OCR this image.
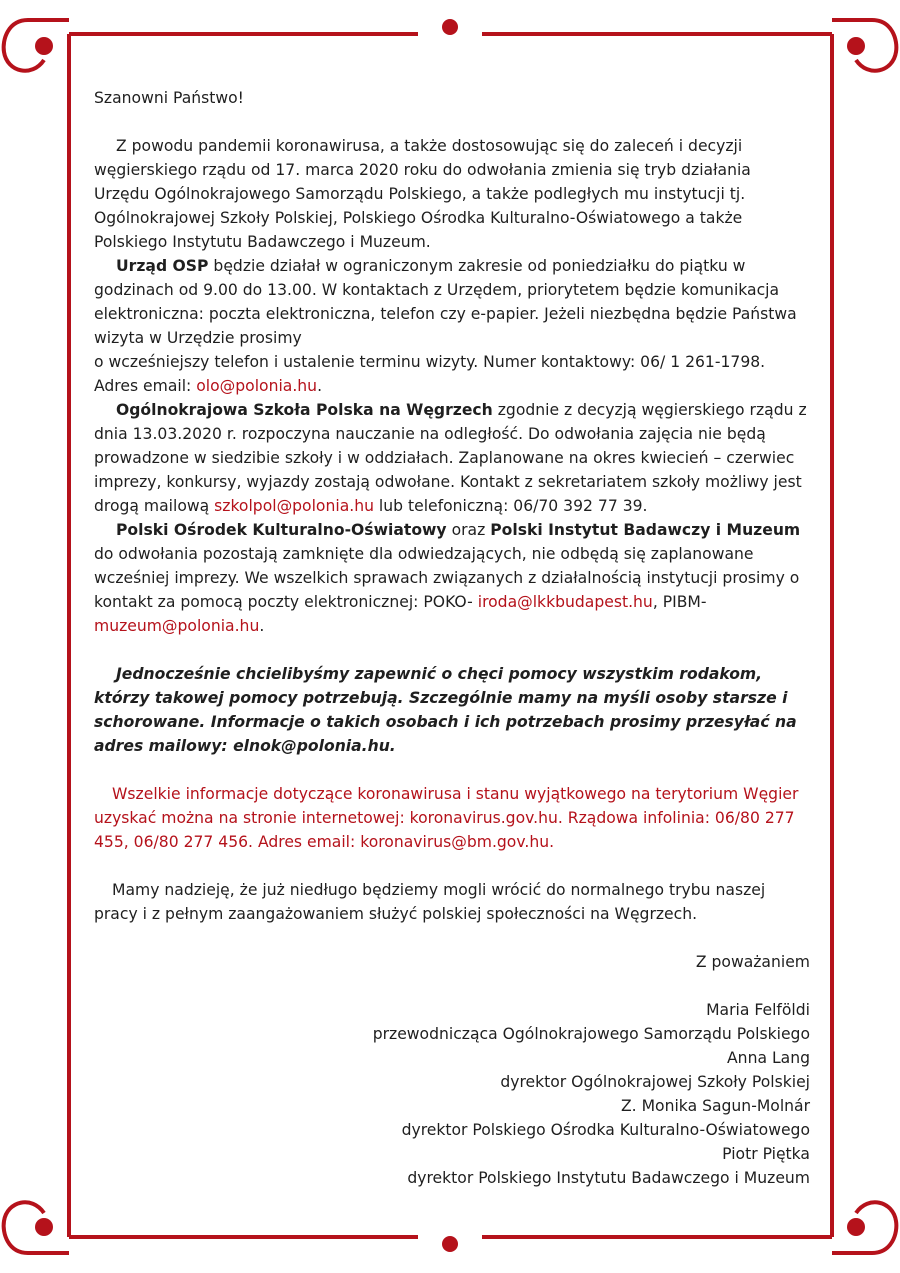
Szanowni Państwo!

Z powodu pandemii koronawirusa, a także dostosowując się do zaleceń i decyzji węgierskiego rządu od 17. marca 2020 roku do odwołania zmienia się tryb działania Urzędu Ogólnokrajowego Samorządu Polskiego, a także podległych mu instytucji tj. Ogólnokrajowej Szkoły Polskiej, Polskiego Ośrodka Kulturalno-Oświatowego a także Polskiego Instytutu Badawczego i Muzeum.

Urząd OSP będzie działał w ograniczonym zakresie od poniedziałku do piątku w godzinach od 9.00 do 13.00. W kontaktach z Urzędem, priorytetem będzie komunikacja elektroniczna: poczta elektroniczna, telefon czy e-papier. Jeżeli niezbędna będzie Państwa wizyta w Urzędzie prosimy
o wcześniejszy telefon i ustalenie terminu wizyty. Numer kontaktowy: 06/ 1 261-1798. Adres email: olo@polonia.hu.

Ogólnokrajowa Szkoła Polska na Węgrzech zgodnie z decyzją węgierskiego rządu z dnia 13.03.2020 r. rozpoczyna nauczanie na odległość. Do odwołania zajęcia nie będą prowadzone w siedzibie szkoły i w oddziałach. Zaplanowane na okres kwiecień – czerwiec imprezy, konkursy, wyjazdy zostają odwołane. Kontakt z sekretariatem szkoły możliwy jest drogą mailową szkolpol@polonia.hu lub telefoniczną: 06/70 392 77 39.

Polski Ośrodek Kulturalno-Oświatowy oraz Polski Instytut Badawczy i Muzeum do odwołania pozostają zamknięte dla odwiedzających, nie odbędą się zaplanowane wcześniej imprezy. We wszelkich sprawach związanych z działalnością instytucji prosimy o kontakt za pomocą poczty elektronicznej: POKO- iroda@lkkbudapest.hu, PIBM- muzeum@polonia.hu.

Jednocześnie chcielibyśmy zapewnić o chęci pomocy wszystkim rodakom, którzy takowej pomocy potrzebują. Szczególnie mamy na myśli osoby starsze i schorowane. Informacje o takich osobach i ich potrzebach prosimy przesyłać na adres mailowy: elnok@polonia.hu.

Wszelkie informacje dotyczące koronawirusa i stanu wyjątkowego na terytorium Węgier uzyskać można na stronie internetowej: koronavirus.gov.hu. Rządowa infolinia: 06/80 277 455, 06/80 277 456. Adres email: koronavirus@bm.gov.hu.

Mamy nadzieję, że już niedługo będziemy mogli wrócić do normalnego trybu naszej pracy i z pełnym zaangażowaniem służyć polskiej społeczności na Węgrzech.

Z poważaniem

Maria Felföldi

przewodnicząca Ogólnokrajowego Samorządu Polskiego

Anna Lang

dyrektor Ogólnokrajowej Szkoły Polskiej

Z. Monika Sagun-Molnár

dyrektor Polskiego Ośrodka Kulturalno-Oświatowego

Piotr Piętka

dyrektor Polskiego Instytutu Badawczego i Muzeum
